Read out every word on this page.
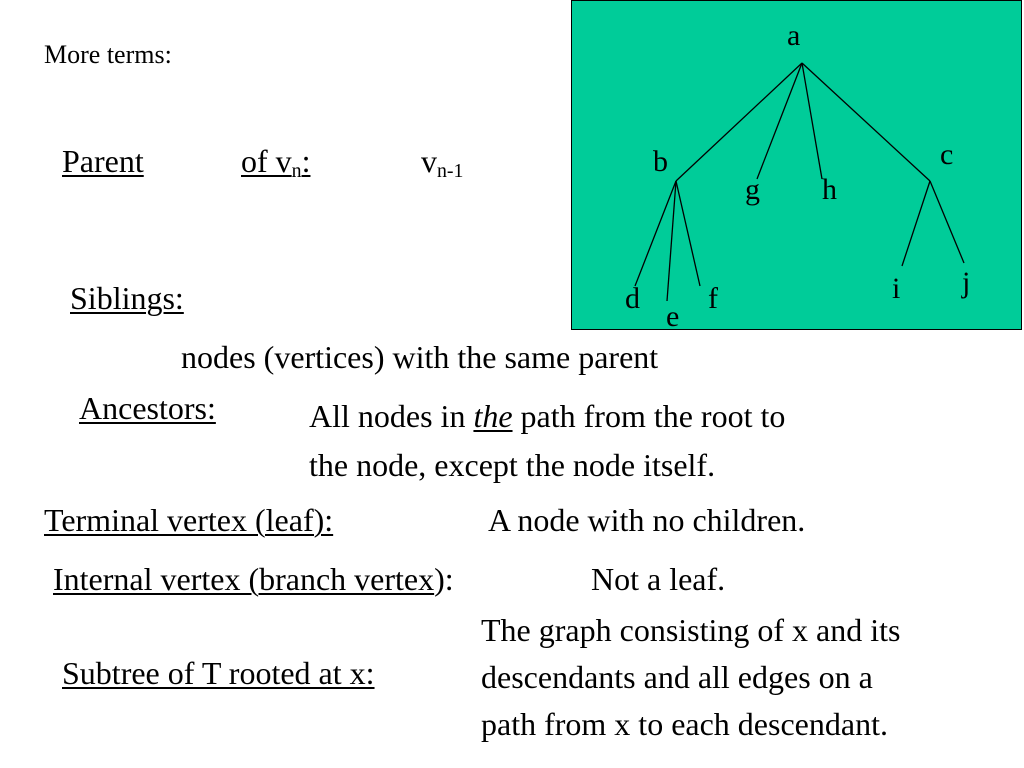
More terms:
Parent	of $v_n$:	$v_{n-1}$
Siblings:
nodes (vertices) with the same parent
Ancestors:	All nodes in the path from the root to
the node, except the node itself.
Terminal vertex (leaf):	A node with no children.
Internal vertex (branch vertex):	Not a leaf.
Subtree of T rooted at x:
The graph consisting of x and its
descendants and all edges on a
path from x to each descendant.
a
b	c
d
e
f
g h
i j
